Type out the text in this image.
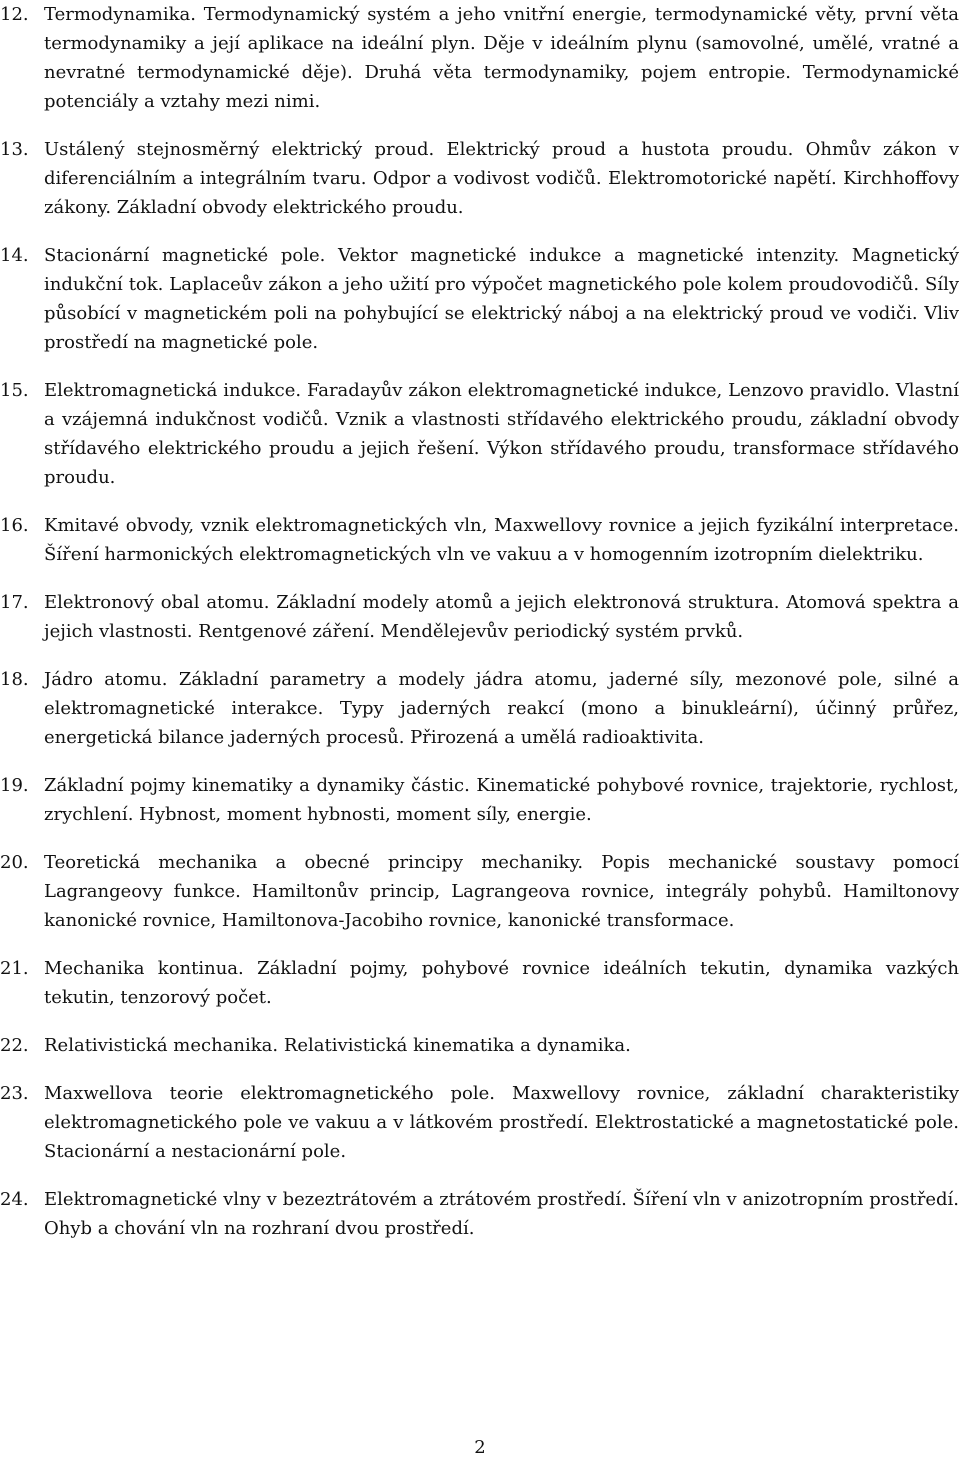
12. Termodynamika. Termodynamický systém a jeho vnitřní energie, termodynamické věty, první věta termodynamiky a její aplikace na ideální plyn. Děje v ideálním plynu (samovolné, umělé, vratné a nevratné termodynamické děje). Druhá věta termodynamiky, pojem entropie. Termodynamické potenciály a vztahy mezi nimi.
13. Ustálený stejnosměrný elektrický proud. Elektrický proud a hustota proudu. Ohmův zákon v diferenciálním a integrálním tvaru. Odpor a vodivost vodičů. Elektromotorické napětí. Kirchhoffovy zákony. Základní obvody elektrického proudu.
14. Stacionární magnetické pole. Vektor magnetické indukce a magnetické intenzity. Magnetický indukční tok. Laplaceův zákon a jeho užití pro výpočet magnetického pole kolem proudovodičů. Síly působící v magnetickém poli na pohybující se elektrický náboj a na elektrický proud ve vodiči. Vliv prostředí na magnetické pole.
15. Elektromagnetická indukce. Faradayův zákon elektromagnetické indukce, Lenzovo pravidlo. Vlastní a vzájemná indukčnost vodičů. Vznik a vlastnosti střídavého elektrického proudu, základní obvody střídavého elektrického proudu a jejich řešení. Výkon střídavého proudu, transformace střídavého proudu.
16. Kmitavé obvody, vznik elektromagnetických vln, Maxwellovy rovnice a jejich fyzikální interpretace. Šíření harmonických elektromagnetických vln ve vakuu a v homogenním izotropním dielektriku.
17. Elektronový obal atomu. Základní modely atomů a jejich elektronová struktura. Atomová spektra a jejich vlastnosti. Rentgenové záření. Mendělejevův periodický systém prvků.
18. Jádro atomu. Základní parametry a modely jádra atomu, jaderné síly, mezonové pole, silné a elektromagnetické interakce. Typy jaderných reakcí (mono a binukleární), účinný průřez, energetická bilance jaderných procesů. Přirozená a umělá radioaktivita.
19. Základní pojmy kinematiky a dynamiky částic. Kinematické pohybové rovnice, trajektorie, rychlost, zrychlení. Hybnost, moment hybnosti, moment síly, energie.
20. Teoretická mechanika a obecné principy mechaniky. Popis mechanické soustavy pomocí Lagrangeovy funkce. Hamiltonův princip, Lagrangeova rovnice, integrály pohybů. Hamiltonovy kanonické rovnice, Hamiltonova-Jacobiho rovnice, kanonické transformace.
21. Mechanika kontinua. Základní pojmy, pohybové rovnice ideálních tekutin, dynamika vazkých tekutin, tenzorový počet.
22. Relativistická mechanika. Relativistická kinematika a dynamika.
23. Maxwellova teorie elektromagnetického pole. Maxwellovy rovnice, základní charakteristiky elektromagnetického pole ve vakuu a v látkovém prostředí. Elektrostatické a magnetostatické pole. Stacionární a nestacionární pole.
24. Elektromagnetické vlny v bezeztrátovém a ztrátovém prostředí. Šíření vln v anizotropním prostředí. Ohyb a chování vln na rozhraní dvou prostředí.
2
